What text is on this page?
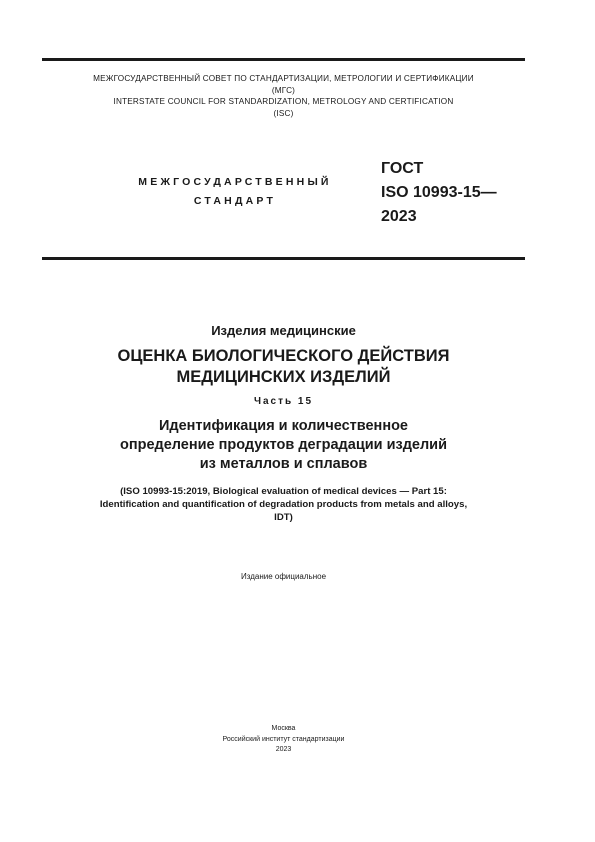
МЕЖГОСУДАРСТВЕННЫЙ СОВЕТ ПО СТАНДАРТИЗАЦИИ, МЕТРОЛОГИИ И СЕРТИФИКАЦИИ
(МГС)
INTERSTATE COUNCIL FOR STANDARDIZATION, METROLOGY AND CERTIFICATION
(ISC)
МЕЖГОСУДАРСТВЕННЫЙ
СТАНДАРТ
ГОСТ
ISO 10993-15—
2023
Изделия медицинские
ОЦЕНКА БИОЛОГИЧЕСКОГО ДЕЙСТВИЯ
МЕДИЦИНСКИХ ИЗДЕЛИЙ
Часть 15
Идентификация и количественное
определение продуктов деградации изделий
из металлов и сплавов
(ISO 10993-15:2019, Biological evaluation of medical devices — Part 15:
Identification and quantification of degradation products from metals and alloys,
IDT)
Издание официальное
Москва
Российский институт стандартизации
2023
